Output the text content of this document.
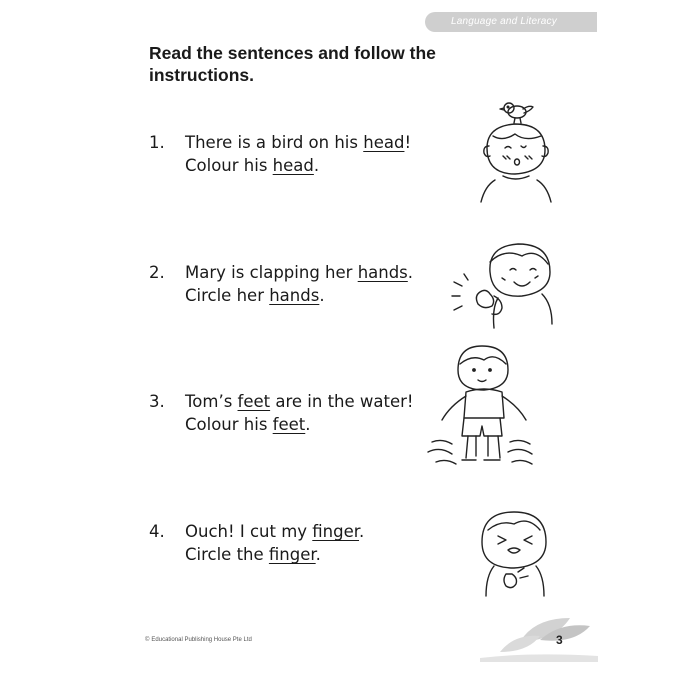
Language and Literacy
Read the sentences and follow the instructions.
1. There is a bird on his head!
Colour his head.
2. Mary is clapping her hands.
Circle her hands.
3. Tom’s feet are in the water!
Colour his feet.
4. Ouch! I cut my finger.
Circle the finger.
© Educational Publishing House Pte Ltd	3
